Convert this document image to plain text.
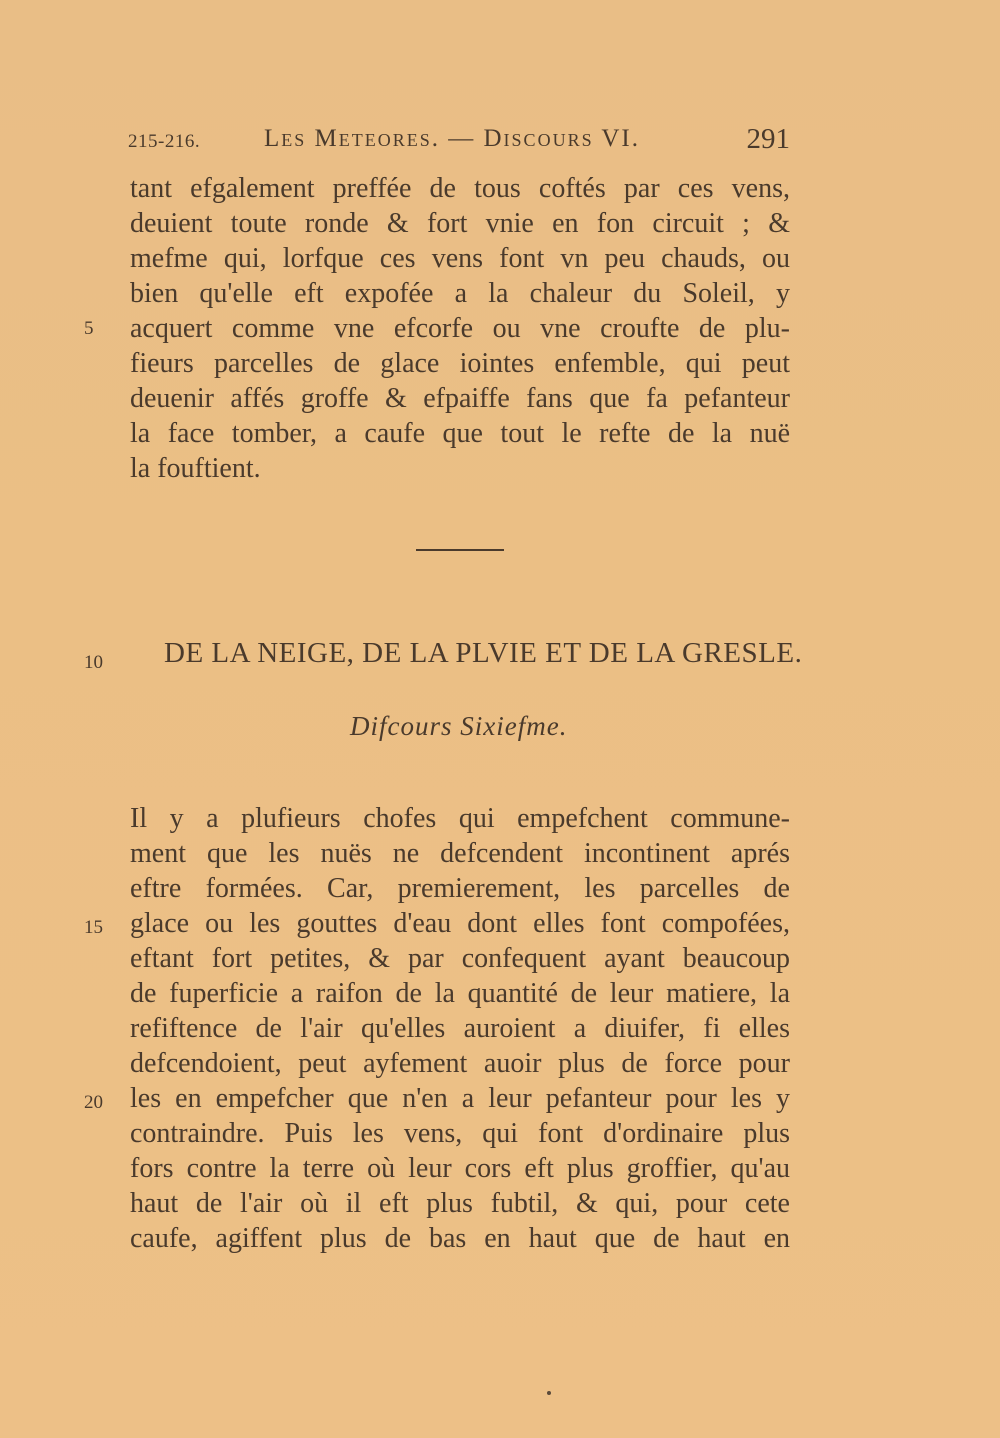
215-216.	Les Meteores. — Discours VI.	291
tant efgalement preffée de tous coftés par ces vens,
deuient toute ronde & fort vnie en fon circuit ; &
mefme qui, lorfque ces vens font vn peu chauds, ou
bien qu'elle eft expofée a la chaleur du Soleil, y
acquert comme vne efcorfe ou vne croufte de plu-
fieurs parcelles de glace iointes enfemble, qui peut
deuenir affés groffe & efpaiffe fans que fa pefanteur
la face tomber, a caufe que tout le refte de la nuë
la fouftient.
5
10 DE LA NEIGE, DE LA PLVIE ET DE LA GRESLE.
Difcours Sixiefme.
Il y a plufieurs chofes qui empefchent commune-
ment que les nuës ne defcendent incontinent aprés
eftre formées. Car, premierement, les parcelles de
glace ou les gouttes d'eau dont elles font compofées,
eftant fort petites, & par confequent ayant beaucoup
de fuperficie a raifon de la quantité de leur matiere, la
refiftence de l'air qu'elles auroient a diuifer, fi elles
defcendoient, peut ayfement auoir plus de force pour
les en empefcher que n'en a leur pefanteur pour les y
contraindre. Puis les vens, qui font d'ordinaire plus
fors contre la terre où leur cors eft plus groffier, qu'au
haut de l'air où il eft plus fubtil, & qui, pour cete
caufe, agiffent plus de bas en haut que de haut en
15
20
